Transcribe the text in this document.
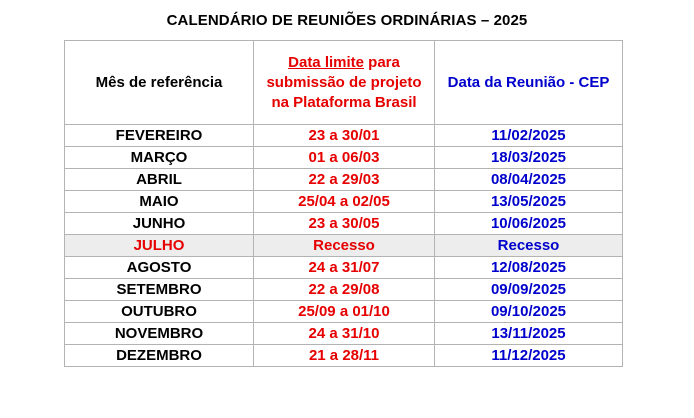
CALENDÁRIO DE REUNIÕES ORDINÁRIAS – 2025
Mês de referência	Data limite para
submissão de projeto
na Plataforma Brasil	Data da Reunião - CEP
FEVEREIRO	23 a 30/01	11/02/2025
MARÇO	01 a 06/03	18/03/2025
ABRIL	22 a 29/03	08/04/2025
MAIO	25/04 a 02/05	13/05/2025
JUNHO	23 a 30/05	10/06/2025
JULHO	Recesso	Recesso
AGOSTO	24 a 31/07	12/08/2025
SETEMBRO	22 a 29/08	09/09/2025
OUTUBRO	25/09 a 01/10	09/10/2025
NOVEMBRO	24 a 31/10	13/11/2025
DEZEMBRO	21 a 28/11	11/12/2025
